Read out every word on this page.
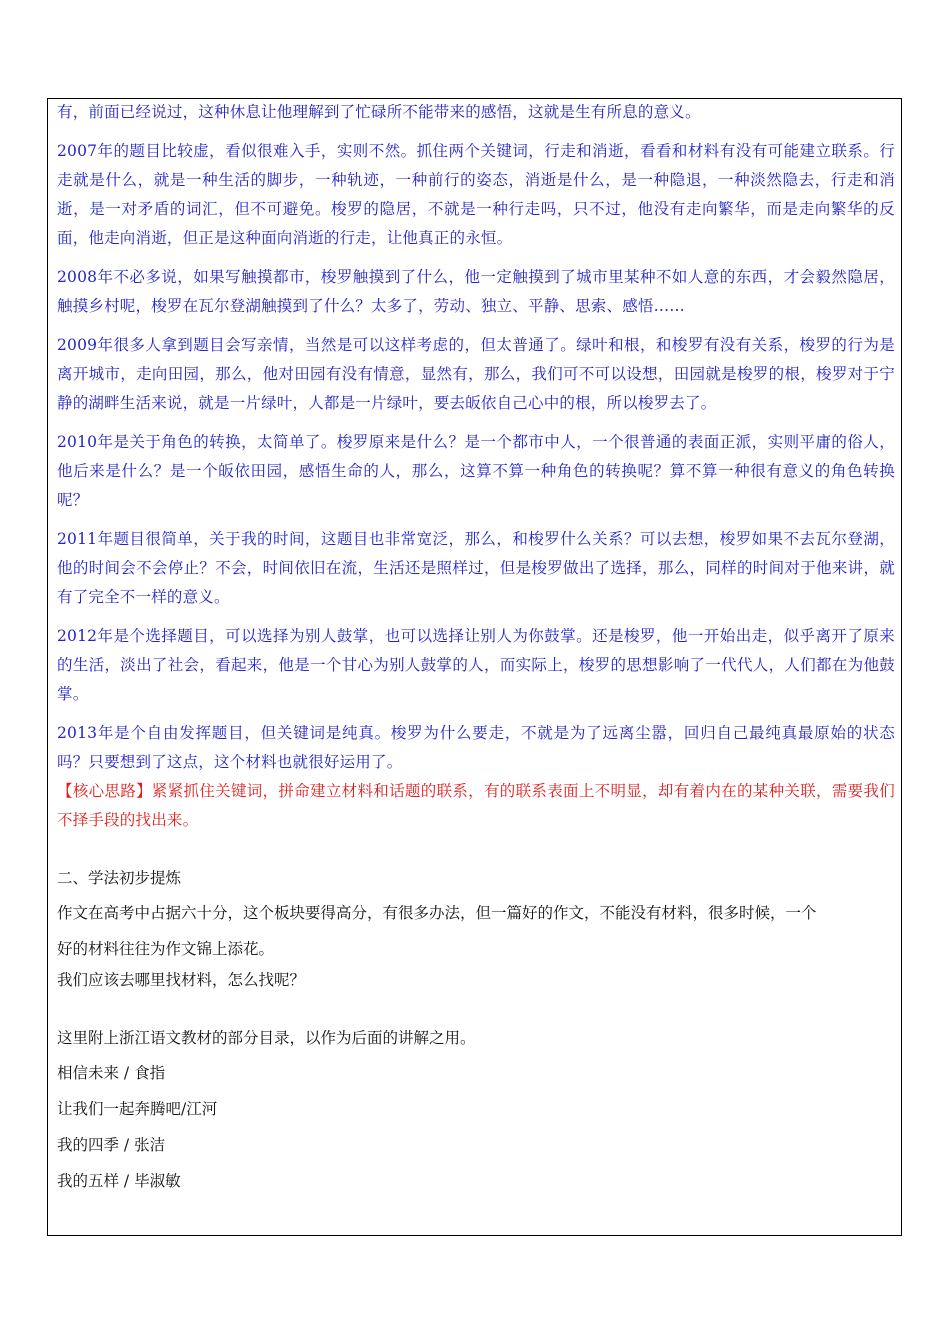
有，前面已经说过，这种休息让他理解到了忙碌所不能带来的感悟，这就是生有所息的意义。

2007年的题目比较虚，看似很难入手，实则不然。抓住两个关键词，行走和消逝，看看和材料有没有可能建立联系。行走就是什么，就是一种生活的脚步，一种轨迹，一种前行的姿态，消逝是什么，是一种隐退，一种淡然隐去，行走和消逝，是一对矛盾的词汇，但不可避免。梭罗的隐居，不就是一种行走吗，只不过，他没有走向繁华，而是走向繁华的反面，他走向消逝，但正是这种面向消逝的行走，让他真正的永恒。

2008年不必多说，如果写触摸都市，梭罗触摸到了什么，他一定触摸到了城市里某种不如人意的东西，才会毅然隐居，触摸乡村呢，梭罗在瓦尔登湖触摸到了什么？太多了，劳动、独立、平静、思索、感悟……

2009年很多人拿到题目会写亲情，当然是可以这样考虑的，但太普通了。绿叶和根，和梭罗有没有关系，梭罗的行为是离开城市，走向田园，那么，他对田园有没有情意，显然有，那么，我们可不可以设想，田园就是梭罗的根，梭罗对于宁静的湖畔生活来说，就是一片绿叶，人都是一片绿叶，要去皈依自己心中的根，所以梭罗去了。

2010年是关于角色的转换，太简单了。梭罗原来是什么？是一个都市中人，一个很普通的表面正派，实则平庸的俗人，他后来是什么？是一个皈依田园，感悟生命的人，那么，这算不算一种角色的转换呢？算不算一种很有意义的角色转换呢？

2011年题目很简单，关于我的时间，这题目也非常宽泛，那么，和梭罗什么关系？可以去想，梭罗如果不去瓦尔登湖，他的时间会不会停止？不会，时间依旧在流，生活还是照样过，但是梭罗做出了选择，那么，同样的时间对于他来讲，就有了完全不一样的意义。

2012年是个选择题目，可以选择为别人鼓掌，也可以选择让别人为你鼓掌。还是梭罗，他一开始出走，似乎离开了原来的生活，淡出了社会，看起来，他是一个甘心为别人鼓掌的人，而实际上，梭罗的思想影响了一代代人，人们都在为他鼓掌。

2013年是个自由发挥题目，但关键词是纯真。梭罗为什么要走，不就是为了远离尘嚣，回归自己最纯真最原始的状态吗？只要想到了这点，这个材料也就很好运用了。

【核心思路】紧紧抓住关键词，拼命建立材料和话题的联系，有的联系表面上不明显，却有着内在的某种关联，需要我们不择手段的找出来。

二、学法初步提炼

作文在高考中占据六十分，这个板块要得高分，有很多办法，但一篇好的作文，不能没有材料，很多时候，一个

好的材料往往为作文锦上添花。

我们应该去哪里找材料，怎么找呢？

这里附上浙江语文教材的部分目录，以作为后面的讲解之用。

相信未来 / 食指

让我们一起奔腾吧/江河

我的四季 / 张洁

我的五样 / 毕淑敏
